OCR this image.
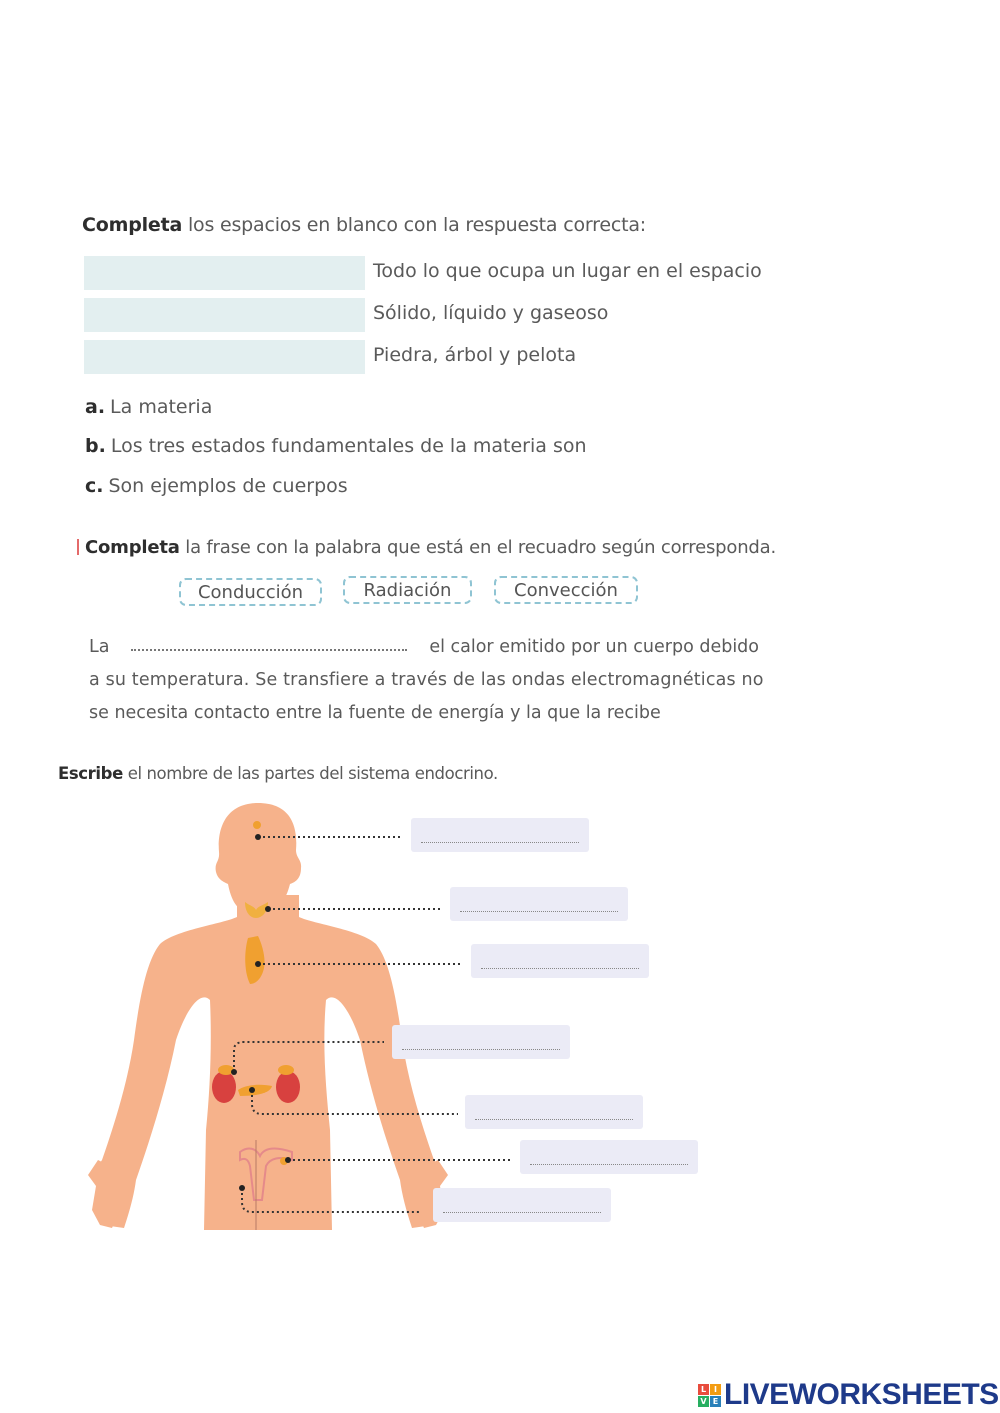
Completa los espacios en blanco con la respuesta correcta:
Todo lo que ocupa un lugar en el espacio
Sólido, líquido y gaseoso
Piedra, árbol y pelota
a. La materia
b. Los tres estados fundamentales de la materia son
c. Son ejemplos de cuerpos
Completa la frase con la palabra que está en el recuadro según corresponda.
Conducción	Radiación	Convección
La	el calor emitido por un cuerpo debido
a su temperatura. Se transfiere a través de las ondas electromagnéticas no
se necesita contacto entre la fuente de energía y la que la recibe
Escribe el nombre de las partes del sistema endocrino.
L I
V E LIVEWORKSHEETS
